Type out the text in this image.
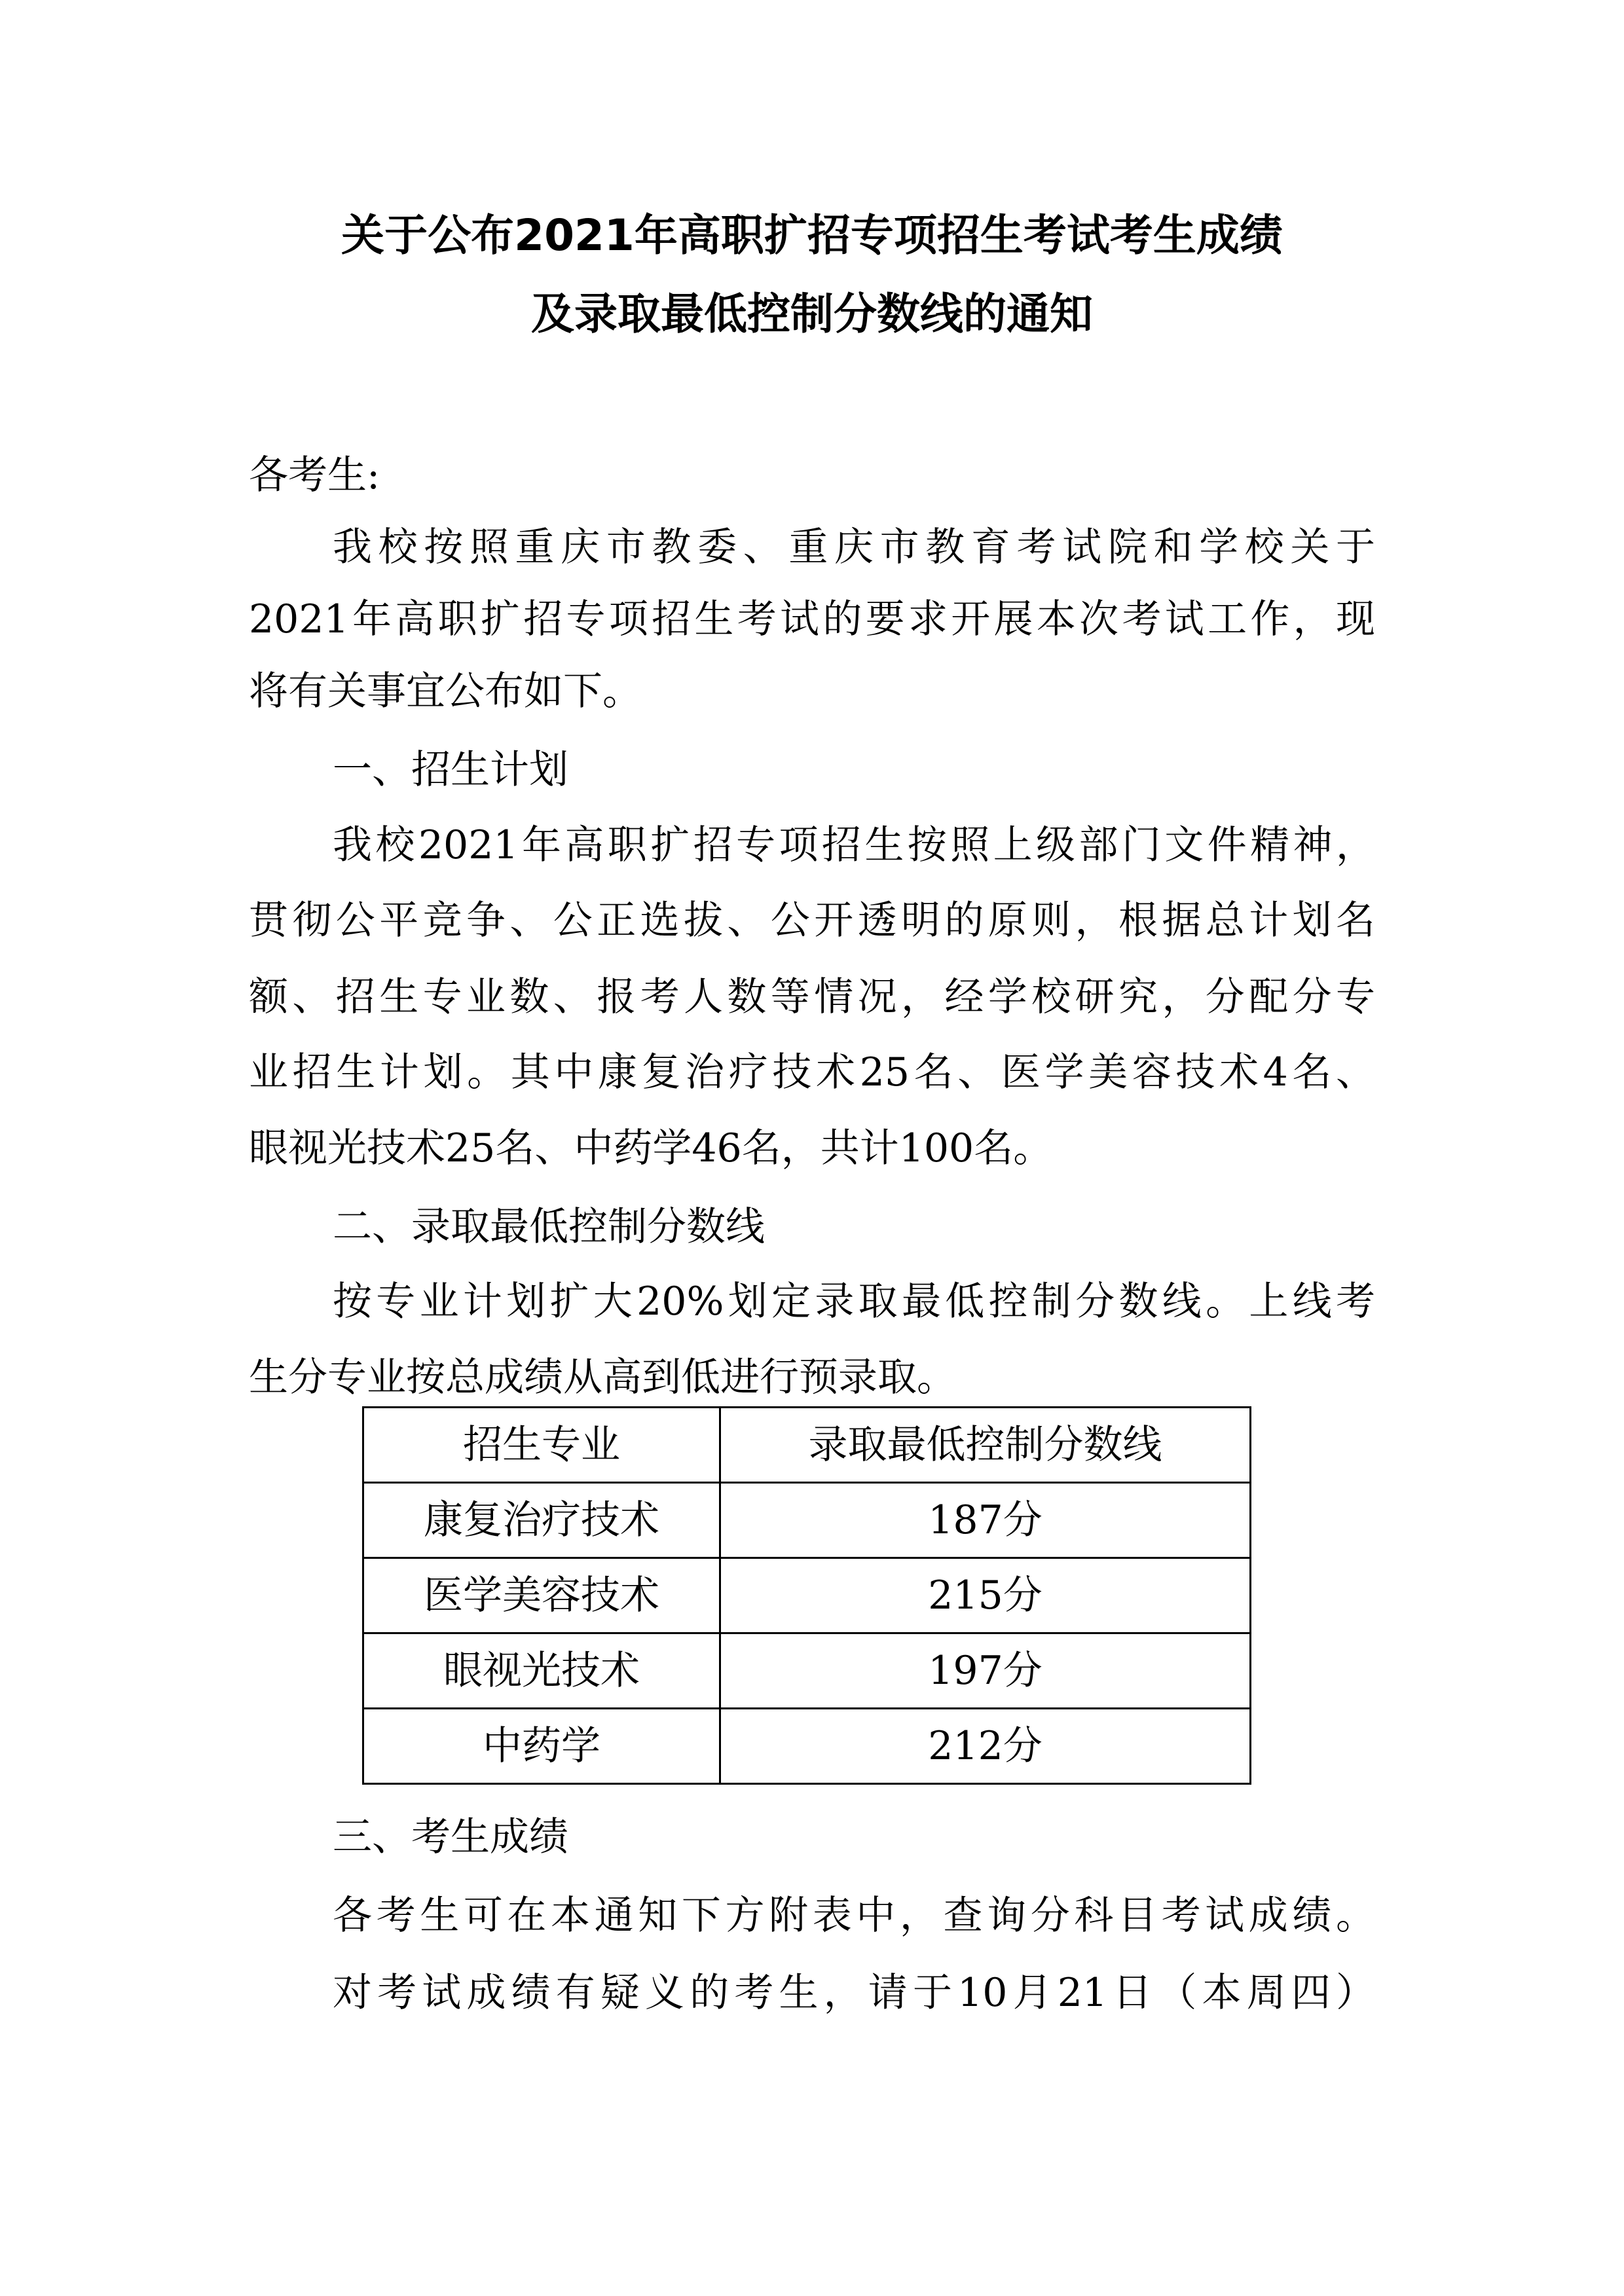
关于公布2021年高职扩招专项招生考试考生成绩
及录取最低控制分数线的通知

各考生:

我校按照重庆市教委、重庆市教育考试院和学校关于

2021年高职扩招专项招生考试的要求开展本次考试工作，现

将有关事宜公布如下。

一、招生计划

我校2021年高职扩招专项招生按照上级部门文件精神，

贯彻公平竞争、公正选拔、公开透明的原则，根据总计划名

额、招生专业数、报考人数等情况，经学校研究，分配分专

业招生计划。其中康复治疗技术25名、医学美容技术4名、

眼视光技术25名、中药学46名，共计100名。

二、录取最低控制分数线

按专业计划扩大20%划定录取最低控制分数线。上线考

生分专业按总成绩从高到低进行预录取。

招生专业	录取最低控制分数线
康复治疗技术	187分
医学美容技术	215分
眼视光技术	197分
中药学	212分

三、考生成绩

各考生可在本通知下方附表中，查询分科目考试成绩。

对考试成绩有疑义的考生，请于10月21日（本周四）
